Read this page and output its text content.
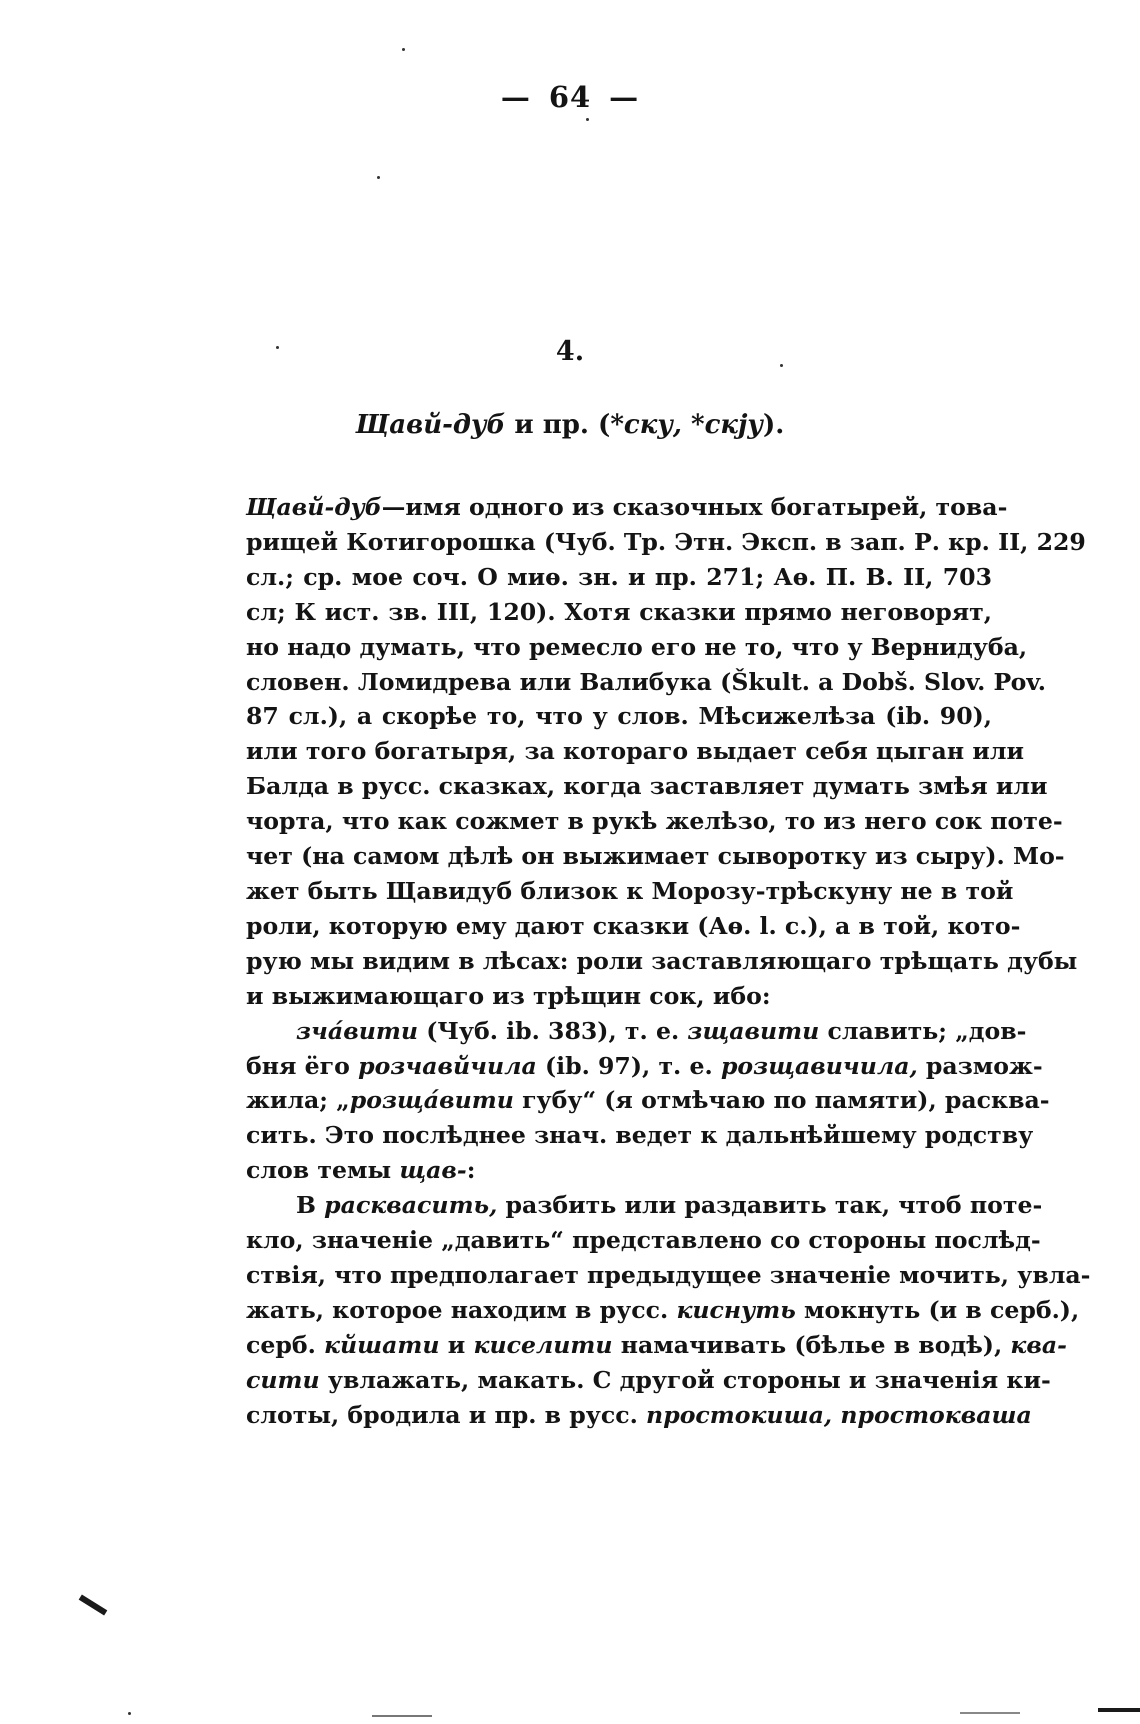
— 64 —
4.
Щавй-дуб и пр. (*ску, *скју).
Щавй-дуб—имя одного из сказочных богатырей, това-
рищей Котигорошка (Чуб. Тр. Этн. Эксп. в зап. Р. кр. II, 229
сл.; ср. мое соч. О миѳ. зн. и пр. 271; Аѳ. П. В. II, 703
сл; К ист. зв. III, 120). Хотя сказки прямо неговорят,
но надо думать, что ремесло его не то, что у Вернидуба,
словен. Ломидрева или Валибука (Škult. a Dobš. Slov. Pov.
87 сл.), а скорѣе то, что у слов. Мѣсижелѣза (ib. 90),
или того богатыря, за котораго выдает себя цыган или
Балда в русс. сказках, когда заставляет думать змѣя или
чорта, что как сожмет в рукѣ желѣзо, то из него сок поте-
чет (на самом дѣлѣ он выжимает сыворотку из сыру). Мо-
жет быть Щавидуб близок к Морозу-трѣскуну не в той
роли, которую ему дают сказки (Аѳ. l. c.), а в той, кото-
рую мы видим в лѣсах: роли заставляющаго трѣщать дубы
и выжимающаго из трѣщин сок, ибо:
зча́вити (Чуб. ib. 383), т. е. зщавити славить; „дов-
бня ёго розчавйчила (ib. 97), т. е. розщавичила, размож-
жила; „розща́вити губу“ (я отмѣчаю по памяти), расква-
сить. Это послѣднее знач. ведет к дальнѣйшему родству
слов темы щав-:
В расквасить, разбить или раздавить так, чтоб поте-
кло, значеніе „давить“ представлено со стороны послѣд-
ствія, что предполагает предыдущее значеніе мочить, увла-
жать, которое находим в русс. киснуть мокнуть (и в серб.),
серб. кйшати и киселити намачивать (бѣлье в водѣ), ква-
сити увлажать, макать. С другой стороны и значенія ки-
слоты, бродила и пр. в русс. простокиша, простокваша
